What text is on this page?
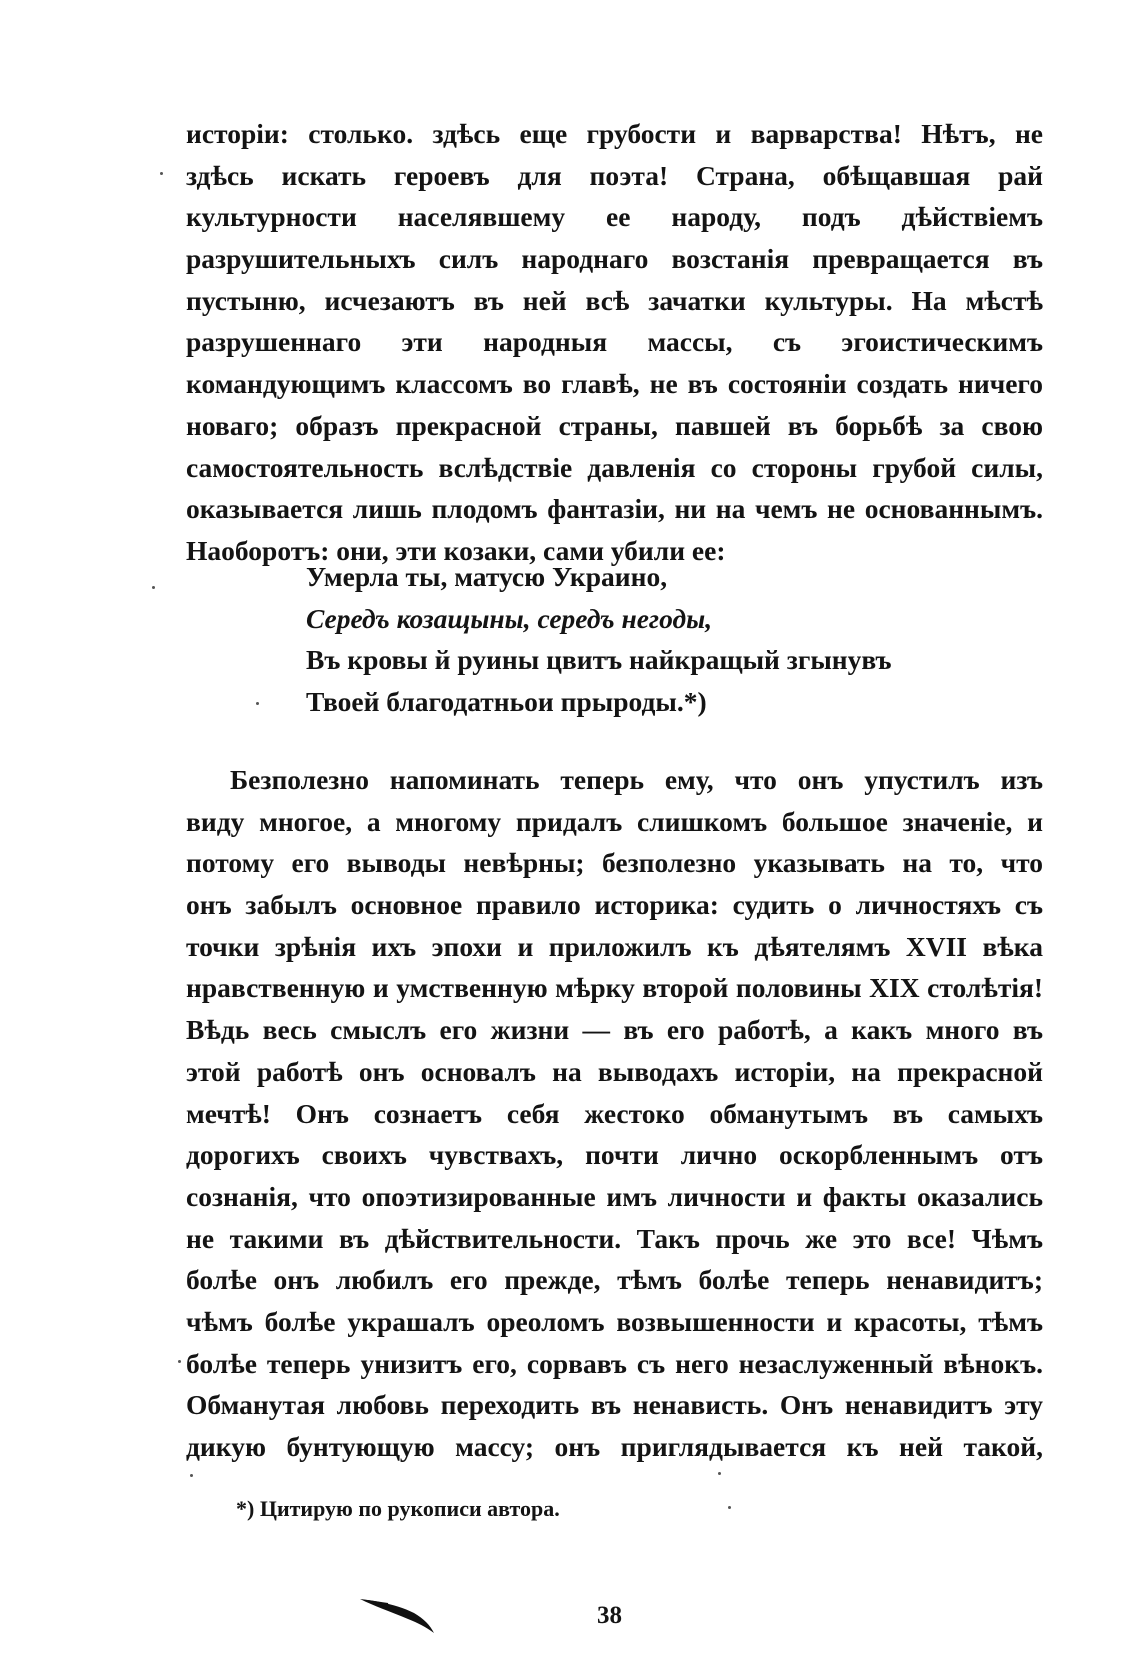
исторіи: столько. здѣсь еще грубости и варварства! Нѣтъ, не
здѣсь искать героевъ для поэта! Страна, обѣщавшая рай
культурности населявшему ее народу, подъ дѣйствіемъ
разрушительныхъ силъ народнаго возстанія превращается въ
пустыню, исчезаютъ въ ней всѣ зачатки культуры. На мѣстѣ
разрушеннаго эти народныя массы, съ эгоистическимъ
командующимъ классомъ во главѣ, не въ состояніи создать ничего
новаго; образъ прекрасной страны, павшей въ борьбѣ за свою
самостоятельность вслѣдствіе давленія со стороны грубой силы,
оказывается лишь плодомъ фантазіи, ни на чемъ не основаннымъ.
Наоборотъ: они, эти козаки, сами убили ее:
Умерла ты, матусю Украино,
Середъ козащыны, середъ негоды,
Въ кровы й руины цвитъ найкращый згынувъ
Твоей благодатньои прыроды.*)
Безполезно напоминать теперь ему, что онъ упустилъ изъ
виду многое, а многому придалъ слишкомъ большое значеніе, и
потому его выводы невѣрны; безполезно указывать на то, что
онъ забылъ основное правило историка: судить о личностяхъ съ
точки зрѣнія ихъ эпохи и приложилъ къ дѣятелямъ XVII вѣка
нравственную и умственную мѣрку второй половины XIX столѣтія!
Вѣдь весь смыслъ его жизни — въ его работѣ, а какъ много въ
этой работѣ онъ основалъ на выводахъ исторіи, на прекрасной
мечтѣ! Онъ сознаетъ себя жестоко обманутымъ въ самыхъ
дорогихъ своихъ чувствахъ, почти лично оскорбленнымъ отъ
сознанія, что опоэтизированные имъ личности и факты оказались
не такими въ дѣйствительности. Такъ прочь же это все! Чѣмъ
болѣе онъ любилъ его прежде, тѣмъ болѣе теперь ненавидитъ;
чѣмъ болѣе украшалъ ореоломъ возвышенности и красоты, тѣмъ
болѣе теперь унизитъ его, сорвавъ съ него незаслуженный вѣнокъ.
Обманутая любовь переходить въ ненависть. Онъ ненавидитъ эту
дикую бунтующую массу; онъ приглядывается къ ней такой,
*) Цитирую по рукописи автора.
38
